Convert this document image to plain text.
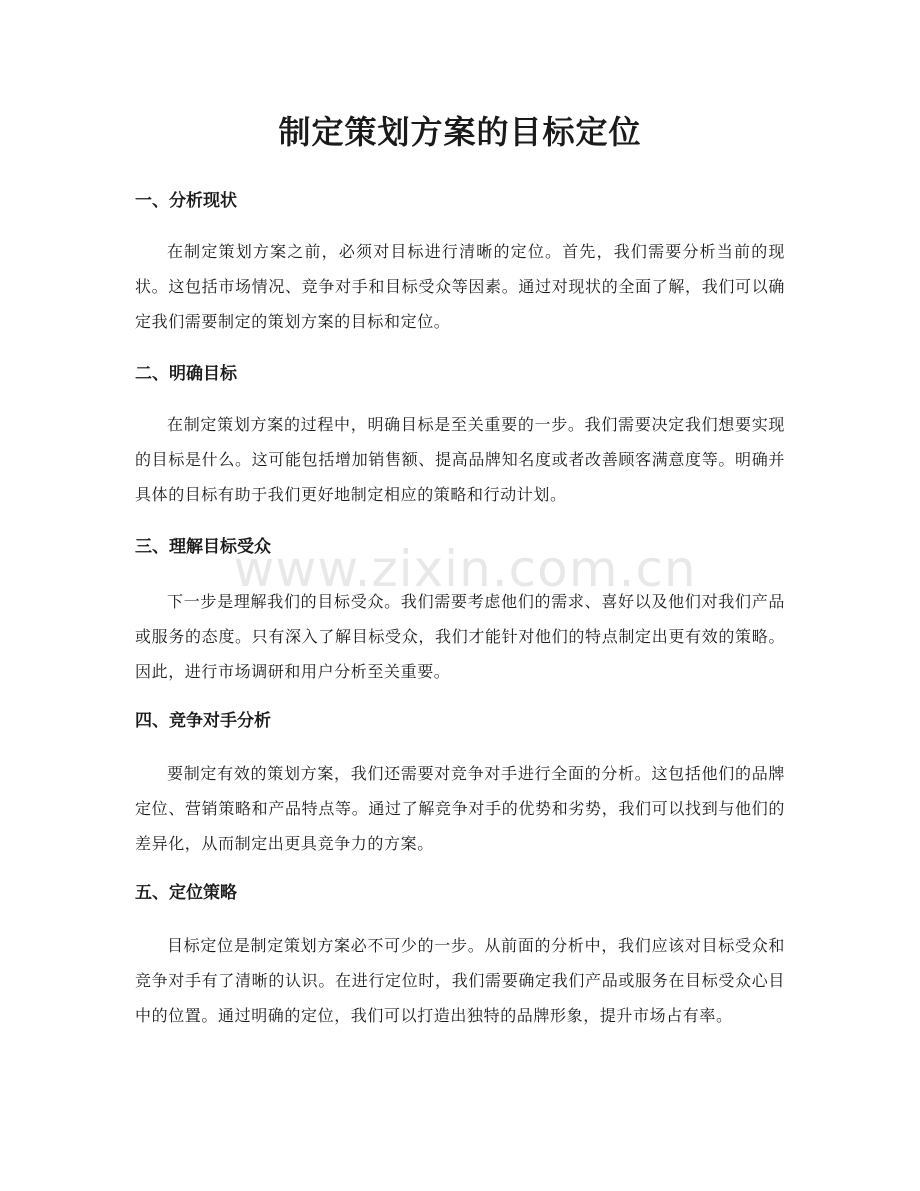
制定策划方案的目标定位
www.zixin.com.cn
一、分析现状

在制定策划方案之前，必须对目标进行清晰的定位。首先，我们需要分析当前的现状。这包括市场情况、竞争对手和目标受众等因素。通过对现状的全面了解，我们可以确定我们需要制定的策划方案的目标和定位。

二、明确目标

在制定策划方案的过程中，明确目标是至关重要的一步。我们需要决定我们想要实现的目标是什么。这可能包括增加销售额、提高品牌知名度或者改善顾客满意度等。明确并具体的目标有助于我们更好地制定相应的策略和行动计划。

三、理解目标受众

下一步是理解我们的目标受众。我们需要考虑他们的需求、喜好以及他们对我们产品或服务的态度。只有深入了解目标受众，我们才能针对他们的特点制定出更有效的策略。因此，进行市场调研和用户分析至关重要。

四、竞争对手分析

要制定有效的策划方案，我们还需要对竞争对手进行全面的分析。这包括他们的品牌定位、营销策略和产品特点等。通过了解竞争对手的优势和劣势，我们可以找到与他们的差异化，从而制定出更具竞争力的方案。

五、定位策略

目标定位是制定策划方案必不可少的一步。从前面的分析中，我们应该对目标受众和竞争对手有了清晰的认识。在进行定位时，我们需要确定我们产品或服务在目标受众心目中的位置。通过明确的定位，我们可以打造出独特的品牌形象，提升市场占有率。
